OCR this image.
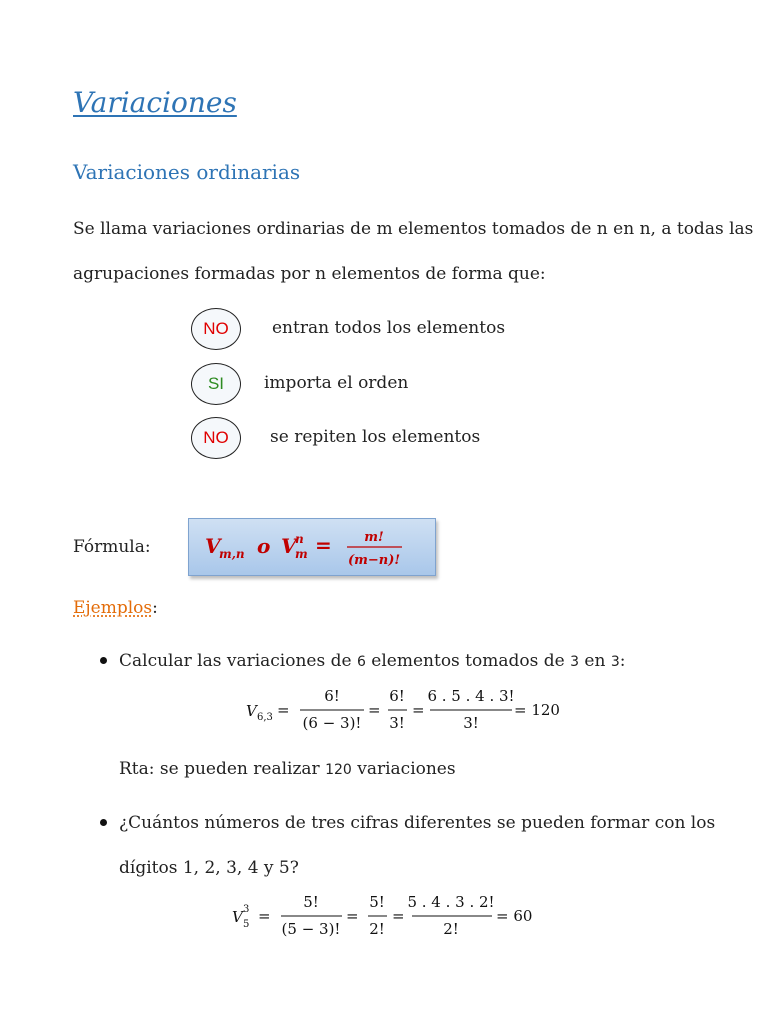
Variaciones
Variaciones ordinarias
Se llama variaciones ordinarias de m elementos tomados de n en n, a todas las
agrupaciones formadas por n elementos de forma que:
NO	entran todos los elementos
SI	importa el orden
NO	se repiten los elementos
Fórmula:	V
m,n o V
n
m =	m!
(m−n)!
Ejemplos:
Calcular las variaciones de 6 elementos tomados de 3 en 3:
V 6,3 =
6!
(6 − 3)!
=
6!
3!
=
6 . 5 . 4 . 3!
3!
= 120
Rta: se pueden realizar 120 variaciones
¿Cuántos números de tres cifras diferentes se pueden formar con los
dígitos 1, 2, 3, 4 y 5?
V 3
5 =
5!
(5 − 3)!
=
5!
2!
=
5 . 4 . 3 . 2!
2!
= 60
